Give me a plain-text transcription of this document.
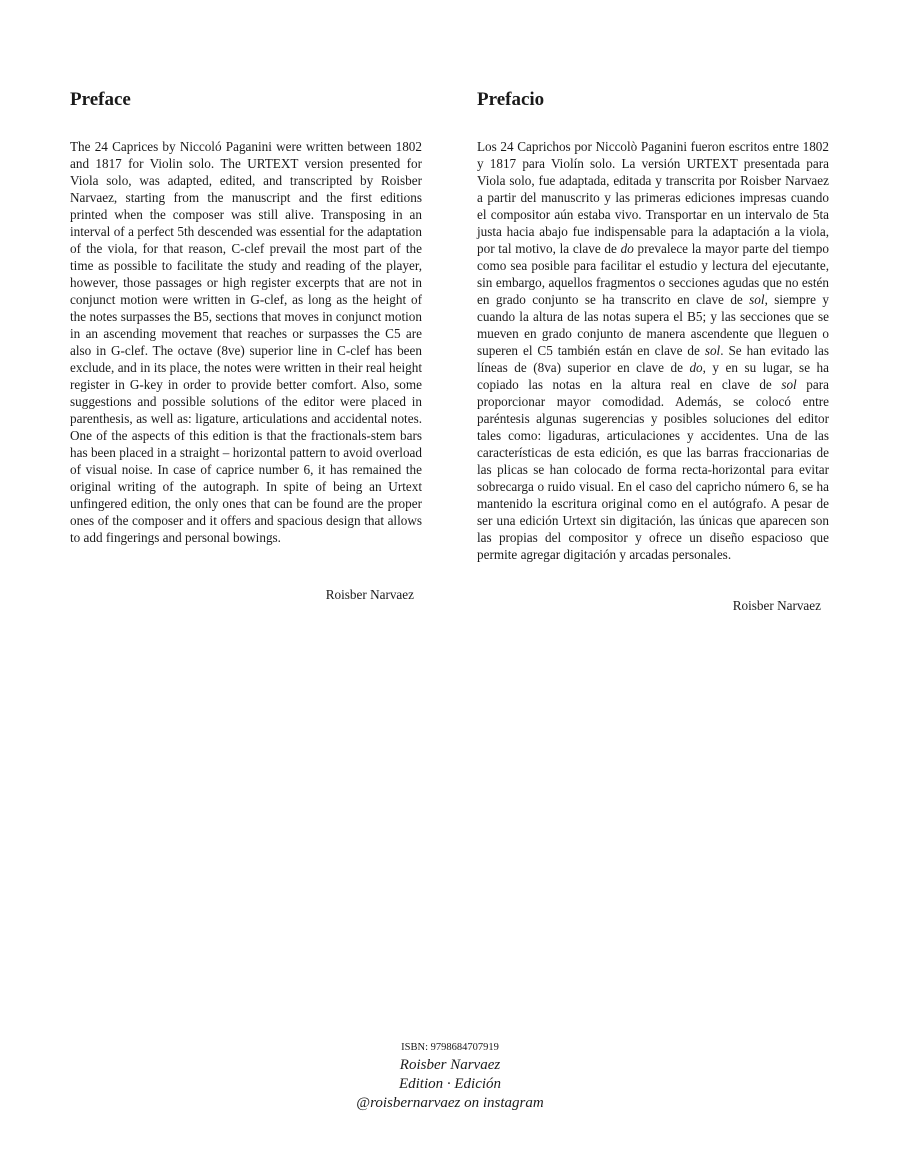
Preface

The 24 Caprices by Niccoló Paganini were written between 1802 and 1817 for Violin solo. The URTEXT version presented for Viola solo, was adapted, edited, and transcripted by Roisber Narvaez, starting from the manuscript and the first editions printed when the composer was still alive. Transposing in an interval of a perfect 5th descended was essential for the adaptation of the viola, for that reason, C-clef prevail the most part of the time as possible to facilitate the study and reading of the player, however, those passages or high register excerpts that are not in conjunct motion were written in G-clef, as long as the height of the notes surpasses the B5, sections that moves in conjunct motion in an ascending movement that reaches or surpasses the C5 are also in G-clef. The octave (8ve) superior line in C-clef has been exclude, and in its place, the notes were written in their real height register in G-key in order to provide better comfort. Also, some suggestions and possible solutions of the editor were placed in parenthesis, as well as: ligature, articulations and accidental notes. One of the aspects of this edition is that the fractionals-stem bars has been placed in a straight – horizontal pattern to avoid overload of visual noise. In case of caprice number 6, it has remained the original writing of the autograph. In spite of being an Urtext unfingered edition, the only ones that can be found are the proper ones of the composer and it offers and spacious design that allows to add fingerings and personal bowings.

Roisber Narvaez
Prefacio

Los 24 Caprichos por Niccolò Paganini fueron escritos entre 1802 y 1817 para Violín solo. La versión URTEXT presentada para Viola solo, fue adaptada, editada y transcrita por Roisber Narvaez a partir del manuscrito y las primeras ediciones impresas cuando el compositor aún estaba vivo. Transportar en un intervalo de 5ta justa hacia abajo fue indispensable para la adaptación a la viola, por tal motivo, la clave de do prevalece la mayor parte del tiempo como sea posible para facilitar el estudio y lectura del ejecutante, sin embargo, aquellos fragmentos o secciones agudas que no estén en grado conjunto se ha transcrito en clave de sol, siempre y cuando la altura de las notas supera el B5; y las secciones que se mueven en grado conjunto de manera ascendente que lleguen o superen el C5 también están en clave de sol. Se han evitado las líneas de (8va) superior en clave de do, y en su lugar, se ha copiado las notas en la altura real en clave de sol para proporcionar mayor comodidad. Además, se colocó entre paréntesis algunas sugerencias y posibles soluciones del editor tales como: ligaduras, articulaciones y accidentes. Una de las características de esta edición, es que las barras fraccionarias de las plicas se han colocado de forma recta-horizontal para evitar sobrecarga o ruido visual. En el caso del capricho número 6, se ha mantenido la escritura original como en el autógrafo. A pesar de ser una edición Urtext sin digitación, las únicas que aparecen son las propias del compositor y ofrece un diseño espacioso que permite agregar digitación y arcadas personales.

Roisber Narvaez
ISBN: 9798684707919
Roisber Narvaez
Edition · Edición
@roisbernarvaez on instagram
